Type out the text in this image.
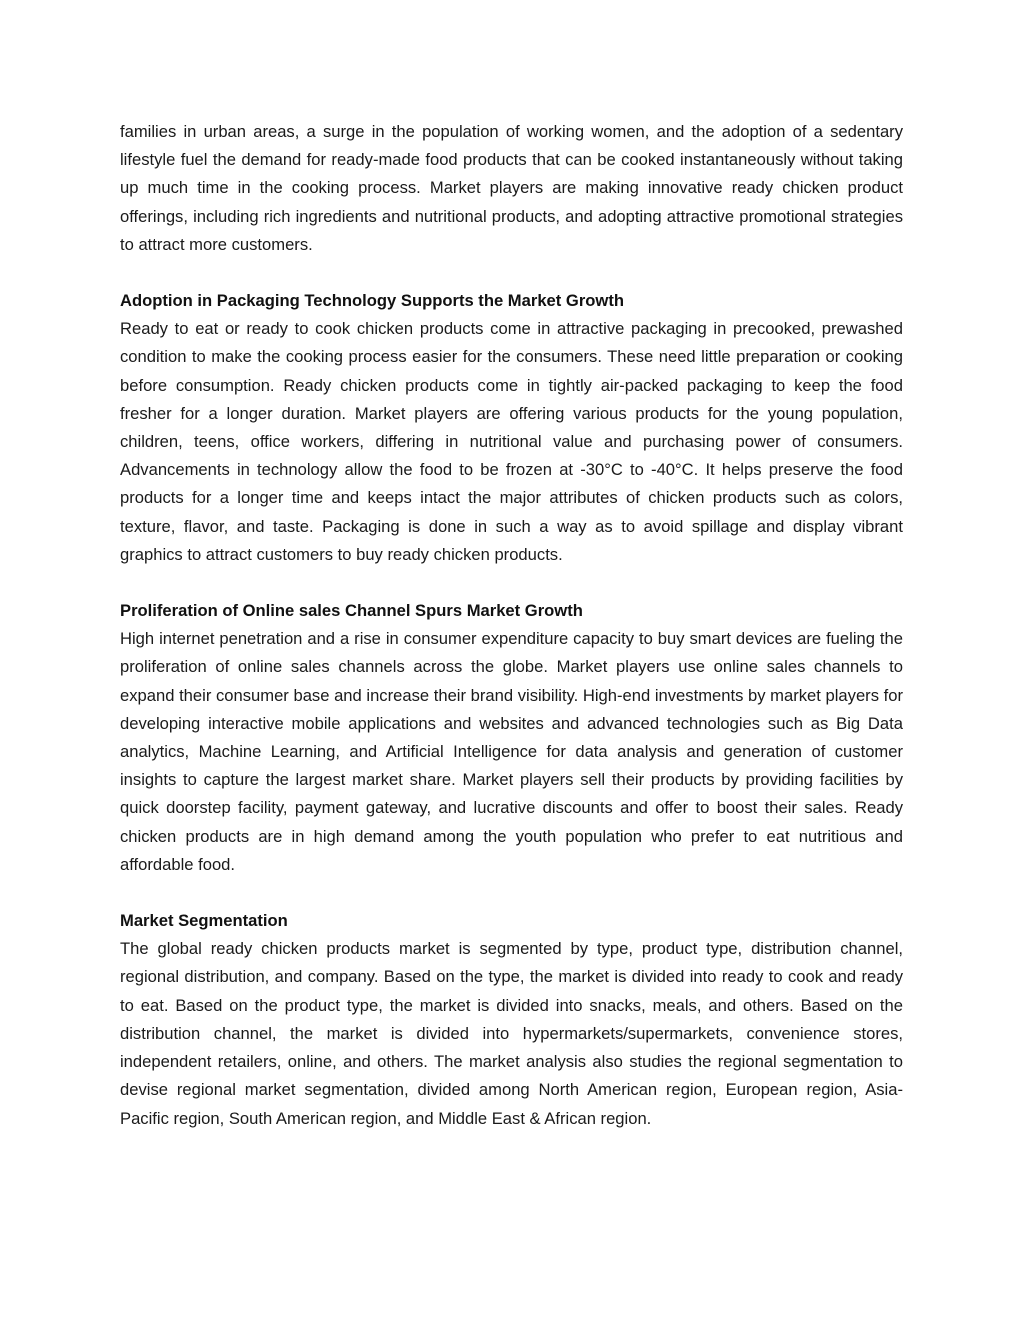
families in urban areas, a surge in the population of working women, and the adoption of a sedentary lifestyle fuel the demand for ready-made food products that can be cooked instantaneously without taking up much time in the cooking process. Market players are making innovative ready chicken product offerings, including rich ingredients and nutritional products, and adopting attractive promotional strategies to attract more customers.

Adoption in Packaging Technology Supports the Market Growth

Ready to eat or ready to cook chicken products come in attractive packaging in precooked, prewashed condition to make the cooking process easier for the consumers. These need little preparation or cooking before consumption. Ready chicken products come in tightly air-packed packaging to keep the food fresher for a longer duration. Market players are offering various products for the young population, children, teens, office workers, differing in nutritional value and purchasing power of consumers. Advancements in technology allow the food to be frozen at -30°C to -40°C. It helps preserve the food products for a longer time and keeps intact the major attributes of chicken products such as colors, texture, flavor, and taste. Packaging is done in such a way as to avoid spillage and display vibrant graphics to attract customers to buy ready chicken products.

Proliferation of Online sales Channel Spurs Market Growth

High internet penetration and a rise in consumer expenditure capacity to buy smart devices are fueling the proliferation of online sales channels across the globe. Market players use online sales channels to expand their consumer base and increase their brand visibility. High-end investments by market players for developing interactive mobile applications and websites and advanced technologies such as Big Data analytics, Machine Learning, and Artificial Intelligence for data analysis and generation of customer insights to capture the largest market share. Market players sell their products by providing facilities by quick doorstep facility, payment gateway, and lucrative discounts and offer to boost their sales. Ready chicken products are in high demand among the youth population who prefer to eat nutritious and affordable food.

Market Segmentation

The global ready chicken products market is segmented by type, product type, distribution channel, regional distribution, and company. Based on the type, the market is divided into ready to cook and ready to eat. Based on the product type, the market is divided into snacks, meals, and others. Based on the distribution channel, the market is divided into hypermarkets/supermarkets, convenience stores, independent retailers, online, and others. The market analysis also studies the regional segmentation to devise regional market segmentation, divided among North American region, European region, Asia-Pacific region, South American region, and Middle East & African region.
